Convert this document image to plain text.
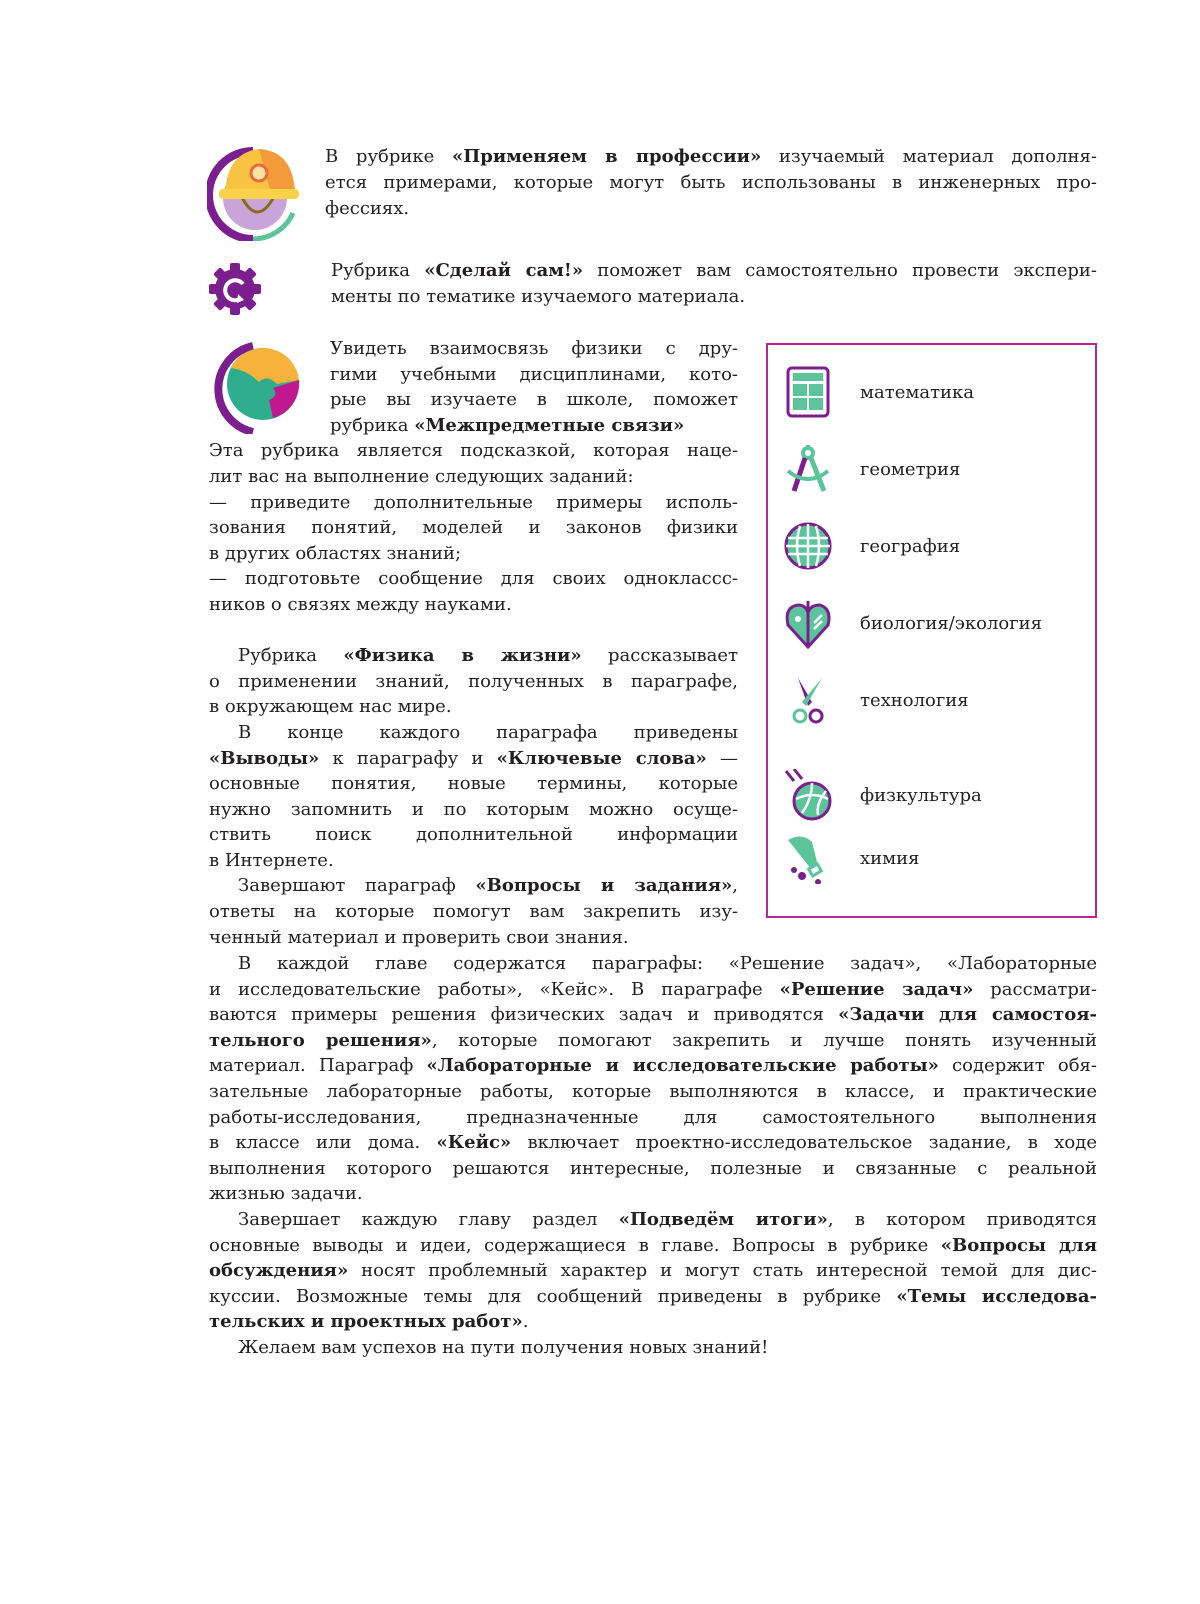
В рубрике «Применяем в профессии» изучаемый материал дополня-
ется примерами, которые могут быть использованы в инженерных про-
фессиях.
Рубрика «Сделай сам!» поможет вам самостоятельно провести экспери-
менты по тематике изучаемого материала.
Увидеть взаимосвязь физики с дру-
гими учебными дисциплинами, кото-
рые вы изучаете в школе, поможет
рубрика «Межпредметные связи»
Эта рубрика является подсказкой, которая наце-
лит вас на выполнение следующих заданий:
— приведите дополнительные примеры исполь-
зования понятий, моделей и законов физики
в других областях знаний;
— подготовьте сообщение для своих одноклассс-
ников о связях между науками.
Рубрика «Физика в жизни» рассказывает
о применении знаний, полученных в параграфе,
в окружающем нас мире.
В конце каждого параграфа приведены
«Выводы» к параграфу и «Ключевые слова» —
основные понятия, новые термины, которые
нужно запомнить и по которым можно осуще-
ствить поиск дополнительной информации
в Интернете.
Завершают параграф «Вопросы и задания»,
ответы на которые помогут вам закрепить изу-
ченный материал и проверить свои знания.
В каждой главе содержатся параграфы: «Решение задач», «Лабораторные
и исследовательские работы», «Кейс». В параграфе «Решение задач» рассматри-
ваются примеры решения физических задач и приводятся «Задачи для самостоя-
тельного решения», которые помогают закрепить и лучше понять изученный
материал. Параграф «Лабораторные и исследовательские работы» содержит обя-
зательные лабораторные работы, которые выполняются в классе, и практические
работы-исследования, предназначенные для самостоятельного выполнения
в классе или дома. «Кейс» включает проектно-исследовательское задание, в ходе
выполнения которого решаются интересные, полезные и связанные с реальной
жизнью задачи.
Завершает каждую главу раздел «Подведём итоги», в котором приводятся
основные выводы и идеи, содержащиеся в главе. Вопросы в рубрике «Вопросы для
обсуждения» носят проблемный характер и могут стать интересной темой для дис-
куссии. Возможные темы для сообщений приведены в рубрике «Темы исследова-
тельских и проектных работ».
Желаем вам успехов на пути получения новых знаний!
математика
геометрия
география
биология/экология
технология
физкультура
химия
